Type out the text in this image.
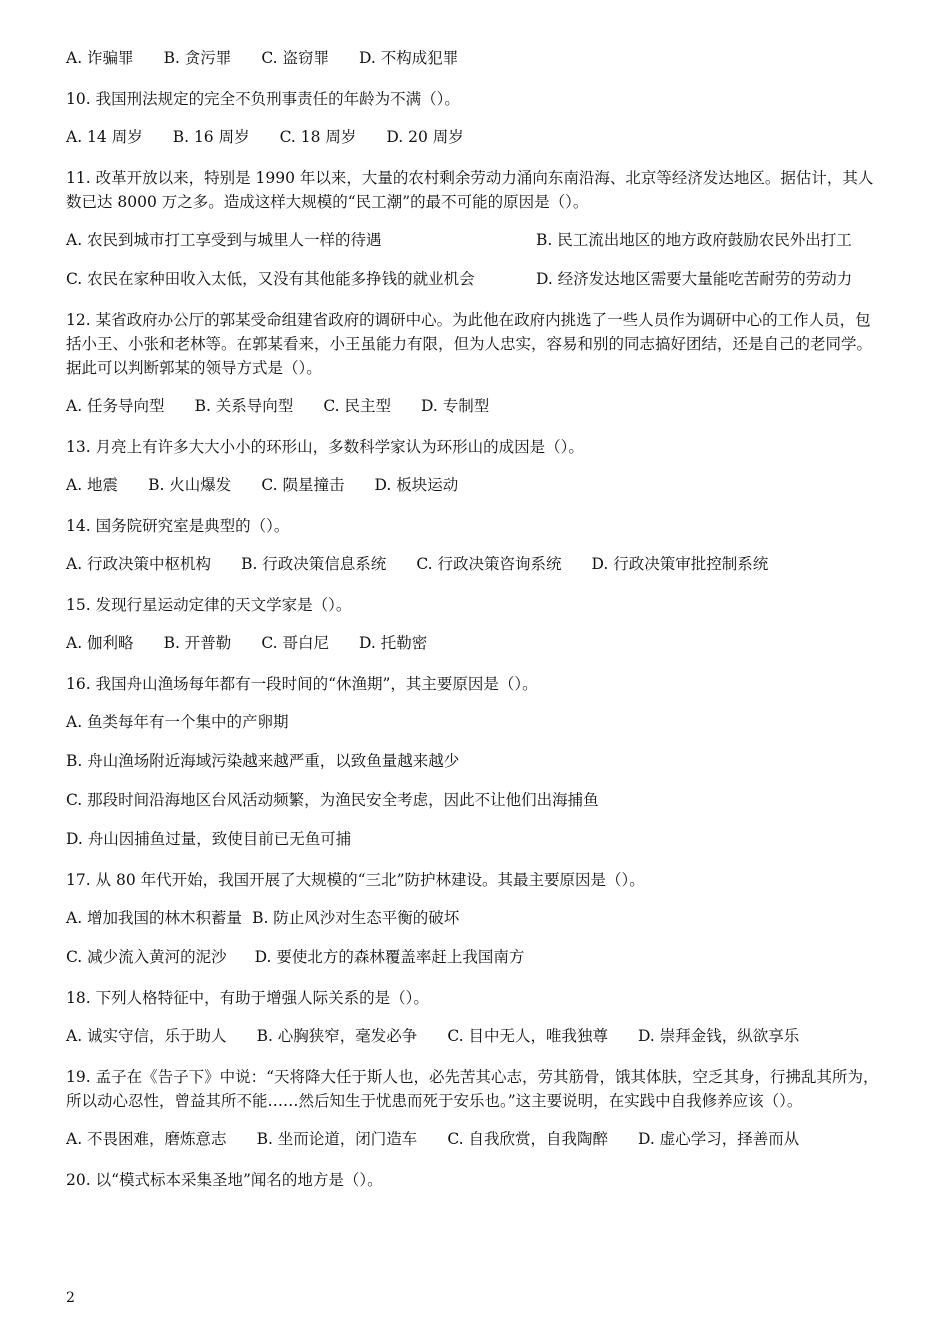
A. 诈骗罪 B. 贪污罪 C. 盗窃罪 D. 不构成犯罪

10. 我国刑法规定的完全不负刑事责任的年龄为不满（）。

A. 14 周岁 B. 16 周岁 C. 18 周岁 D. 20 周岁

11. 改革开放以来，特别是 1990 年以来，大量的农村剩余劳动力涌向东南沿海、北京等经济发达地区。据估计，其人数已达 8000 万之多。造成这样大规模的“民工潮”的最不可能的原因是（）。

A. 农民到城市打工享受到与城里人一样的待遇	B. 民工流出地区的地方政府鼓励农民外出打工
C. 农民在家种田收入太低，又没有其他能多挣钱的就业机会	D. 经济发达地区需要大量能吃苦耐劳的劳动力

12. 某省政府办公厅的郭某受命组建省政府的调研中心。为此他在政府内挑选了一些人员作为调研中心的工作人员，包括小王、小张和老林等。在郭某看来，小王虽能力有限，但为人忠实，容易和别的同志搞好团结，还是自己的老同学。据此可以判断郭某的领导方式是（）。

A. 任务导向型 B. 关系导向型 C. 民主型 D. 专制型

13. 月亮上有许多大大小小的环形山，多数科学家认为环形山的成因是（）。

A. 地震 B. 火山爆发 C. 陨星撞击 D. 板块运动

14. 国务院研究室是典型的（）。

A. 行政决策中枢机构 B. 行政决策信息系统 C. 行政决策咨询系统 D. 行政决策审批控制系统

15. 发现行星运动定律的天文学家是（）。

A. 伽利略 B. 开普勒 C. 哥白尼 D. 托勒密

16. 我国舟山渔场每年都有一段时间的“休渔期”，其主要原因是（）。

A. 鱼类每年有一个集中的产卵期

B. 舟山渔场附近海域污染越来越严重，以致鱼量越来越少

C. 那段时间沿海地区台风活动频繁，为渔民安全考虑，因此不让他们出海捕鱼

D. 舟山因捕鱼过量，致使目前已无鱼可捕

17. 从 80 年代开始，我国开展了大规模的“三北”防护林建设。其最主要原因是（）。

A. 增加我国的林木积蓄量 B. 防止风沙对生态平衡的破坏
C. 减少流入黄河的泥沙 D. 要使北方的森林覆盖率赶上我国南方

18. 下列人格特征中，有助于增强人际关系的是（）。

A. 诚实守信，乐于助人 B. 心胸狭窄，毫发必争 C. 目中无人，唯我独尊 D. 崇拜金钱，纵欲享乐

19. 孟子在《告子下》中说：“天将降大任于斯人也，必先苦其心志，劳其筋骨，饿其体肤，空乏其身，行拂乱其所为，所以动心忍性，曾益其所不能……然后知生于忧患而死于安乐也。”这主要说明，在实践中自我修养应该（）。

A. 不畏困难，磨炼意志 B. 坐而论道，闭门造车 C. 自我欣赏，自我陶醉 D. 虚心学习，择善而从

20. 以“模式标本采集圣地”闻名的地方是（）。

2
